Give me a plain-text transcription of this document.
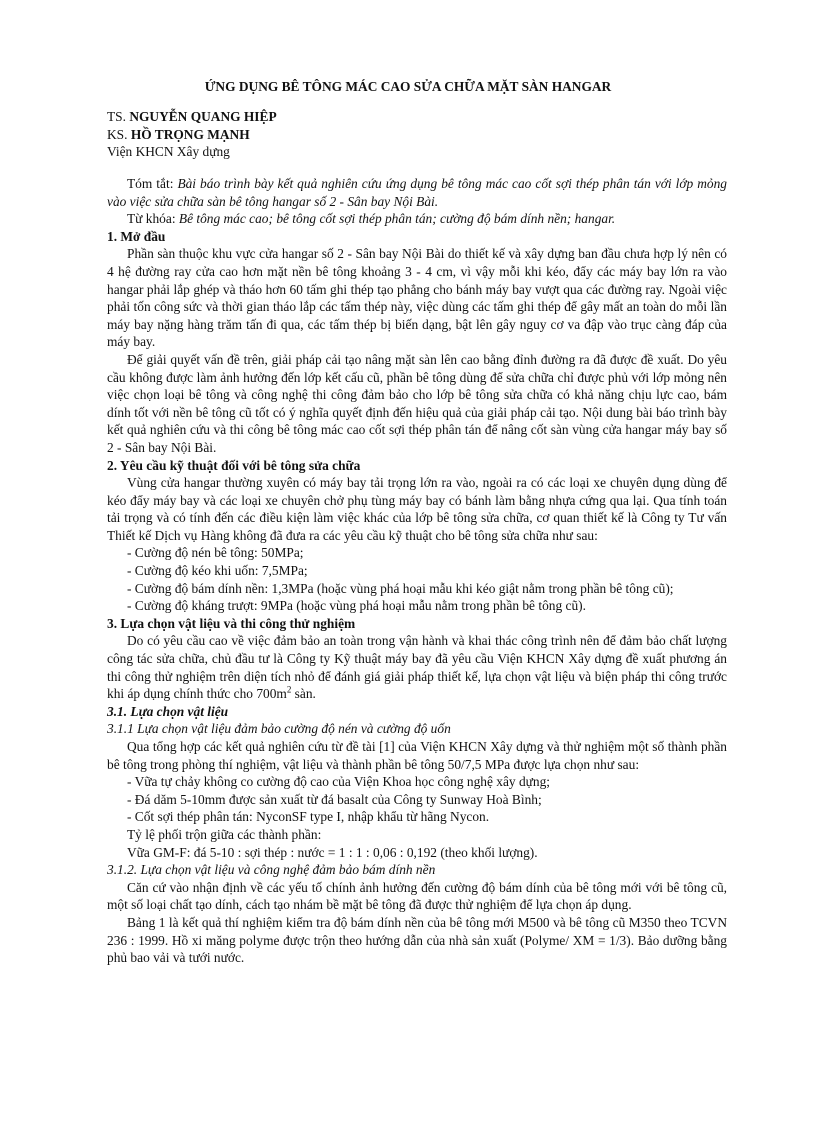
ỨNG DỤNG BÊ TÔNG MÁC CAO SỬA CHỮA MẶT SÀN HANGAR
TS. NGUYỄN QUANG HIỆP
KS. HỒ TRỌNG MẠNH
Viện KHCN Xây dựng

Tóm tắt: Bài báo trình bày kết quả nghiên cứu ứng dụng bê tông mác cao cốt sợi thép phân tán với lớp mỏng vào việc sửa chữa sàn bê tông hangar số 2 - Sân bay Nội Bài.

Từ khóa: Bê tông mác cao; bê tông cốt sợi thép phân tán; cường độ bám dính nền; hangar.

1. Mở đầu

Phần sàn thuộc khu vực cửa hangar số 2 - Sân bay Nội Bài do thiết kế và xây dựng ban đầu chưa hợp lý nên có 4 hệ đường ray cửa cao hơn mặt nền bê tông khoảng 3 - 4 cm, vì vậy mỗi khi kéo, đẩy các máy bay lớn ra vào hangar phải lắp ghép và tháo hơn 60 tấm ghi thép tạo phẳng cho bánh máy bay vượt qua các đường ray. Ngoài việc phải tốn công sức và thời gian tháo lắp các tấm thép này, việc dùng các tấm ghi thép để gây mất an toàn do mỗi lần máy bay nặng hàng trăm tấn đi qua, các tấm thép bị biến dạng, bật lên gây nguy cơ va đập vào trục càng đáp của máy bay.

Để giải quyết vấn đề trên, giải pháp cải tạo nâng mặt sàn lên cao bằng đỉnh đường ra đã được đề xuất. Do yêu cầu không được làm ảnh hưởng đến lớp kết cấu cũ, phần bê tông dùng để sửa chữa chỉ được phủ với lớp mỏng nên việc chọn loại bê tông và công nghệ thi công đảm bảo cho lớp bê tông sửa chữa có khả năng chịu lực cao, bám dính tốt với nền bê tông cũ tốt có ý nghĩa quyết định đến hiệu quả của giải pháp cải tạo. Nội dung bài báo trình bày kết quả nghiên cứu và thi công bê tông mác cao cốt sợi thép phân tán để nâng cốt sàn vùng cửa hangar máy bay số 2 - Sân bay Nội Bài.

2. Yêu cầu kỹ thuật đối với bê tông sửa chữa

Vùng cửa hangar thường xuyên có máy bay tải trọng lớn ra vào, ngoài ra có các loại xe chuyên dụng dùng để kéo đẩy máy bay và các loại xe chuyên chở phụ tùng máy bay có bánh làm bằng nhựa cứng qua lại. Qua tính toán tải trọng và có tính đến các điều kiện làm việc khác của lớp bê tông sửa chữa, cơ quan thiết kế là Công ty Tư vấn Thiết kế Dịch vụ Hàng không đã đưa ra các yêu cầu kỹ thuật cho bê tông sửa chữa như sau:

- Cường độ nén bê tông: 50MPa;

- Cường độ kéo khi uốn: 7,5MPa;

- Cường độ bám dính nền: 1,3MPa (hoặc vùng phá hoại mẫu khi kéo giật nằm trong phần bê tông cũ);

- Cường độ kháng trượt: 9MPa (hoặc vùng phá hoại mẫu nằm trong phần bê tông cũ).

3. Lựa chọn vật liệu và thi công thử nghiệm

Do có yêu cầu cao về việc đảm bảo an toàn trong vận hành và khai thác công trình nên để đảm bảo chất lượng công tác sửa chữa, chủ đầu tư là Công ty Kỹ thuật máy bay đã yêu cầu Viện KHCN Xây dựng đề xuất phương án thi công thử nghiệm trên diện tích nhỏ để đánh giá giải pháp thiết kế, lựa chọn vật liệu và biện pháp thi công trước khi áp dụng chính thức cho $700m^2$ sàn.

3.1. Lựa chọn vật liệu

3.1.1 Lựa chọn vật liệu đảm bảo cường độ nén và cường độ uốn

Qua tổng hợp các kết quả nghiên cứu từ đề tài [1] của Viện KHCN Xây dựng và thử nghiệm một số thành phần bê tông trong phòng thí nghiệm, vật liệu và thành phần bê tông 50/7,5 MPa được lựa chọn như sau:

- Vữa tự chảy không co cường độ cao của Viện Khoa học công nghệ xây dựng;

- Đá dăm 5-10mm được sản xuất từ đá basalt của Công ty Sunway Hoà Bình;

- Cốt sợi thép phân tán: NyconSF type I, nhập khẩu từ hãng Nycon.

Tỷ lệ phối trộn giữa các thành phần:

Vữa GM-F: đá 5-10 : sợi thép : nước = 1 : 1 : 0,06 : 0,192 (theo khối lượng).

3.1.2. Lựa chọn vật liệu và công nghệ đảm bảo bám dính nền

Căn cứ vào nhận định về các yếu tố chính ảnh hưởng đến cường độ bám dính của bê tông mới với bê tông cũ, một số loại chất tạo dính, cách tạo nhám bề mặt bê tông đã được thử nghiệm để lựa chọn áp dụng.

Bảng 1 là kết quả thí nghiệm kiểm tra độ bám dính nền của bê tông mới M500 và bê tông cũ M350 theo TCVN 236 : 1999. Hồ xi măng polyme được trộn theo hướng dẫn của nhà sản xuất (Polyme/ XM = 1/3). Bảo dưỡng bằng phủ bao vải và tưới nước.
